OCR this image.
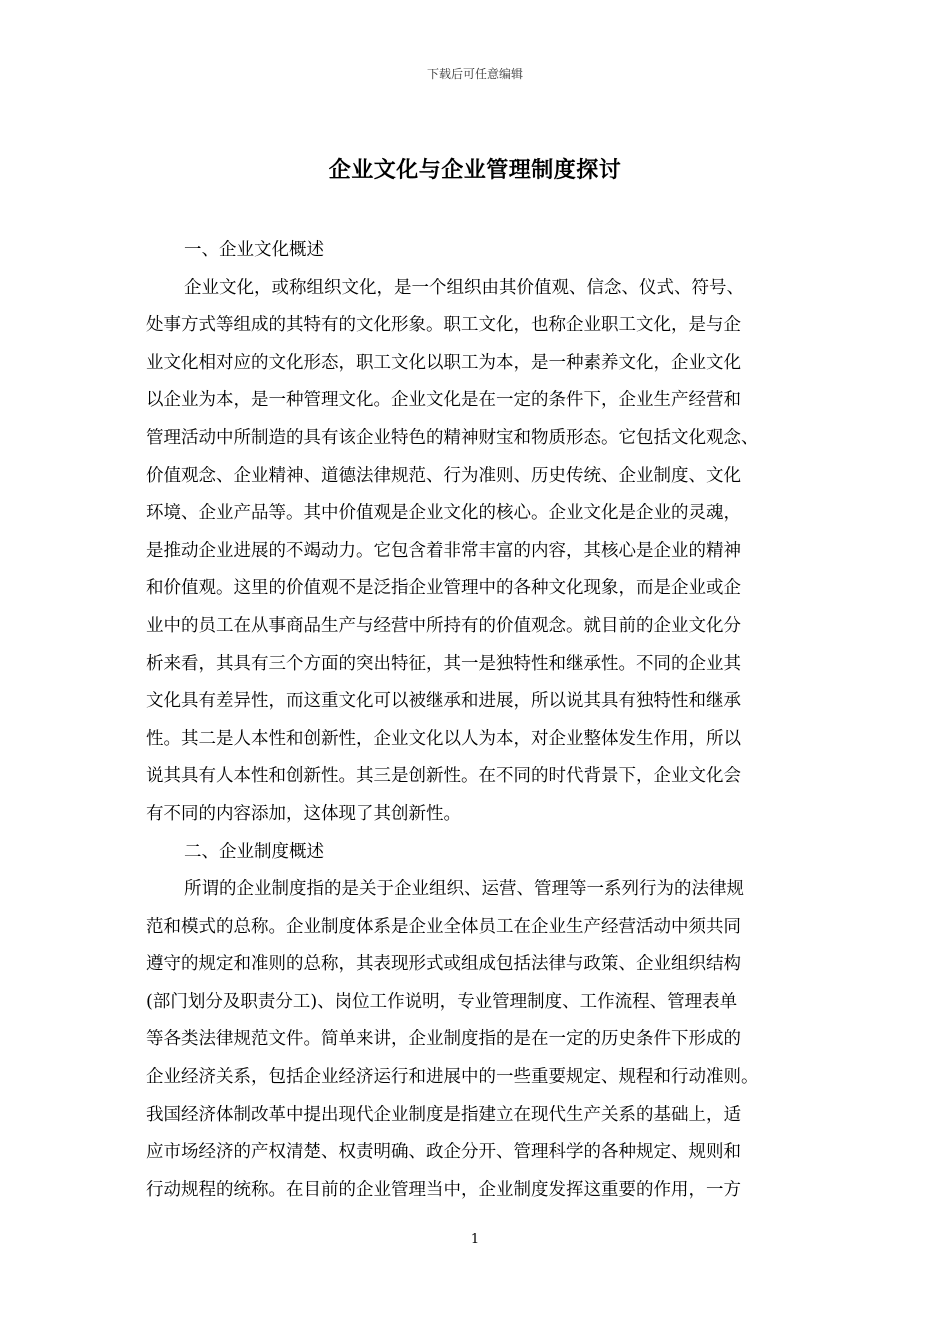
下载后可任意编辑
企业文化与企业管理制度探讨
一、企业文化概述
企业文化，或称组织文化，是一个组织由其价值观、信念、仪式、符号、
处事方式等组成的其特有的文化形象。职工文化，也称企业职工文化，是与企
业文化相对应的文化形态，职工文化以职工为本，是一种素养文化，企业文化
以企业为本，是一种管理文化。企业文化是在一定的条件下，企业生产经营和
管理活动中所制造的具有该企业特色的精神财宝和物质形态。它包括文化观念、
价值观念、企业精神、道德法律规范、行为准则、历史传统、企业制度、文化
环境、企业产品等。其中价值观是企业文化的核心。企业文化是企业的灵魂，
是推动企业进展的不竭动力。它包含着非常丰富的内容，其核心是企业的精神
和价值观。这里的价值观不是泛指企业管理中的各种文化现象，而是企业或企
业中的员工在从事商品生产与经营中所持有的价值观念。就目前的企业文化分
析来看，其具有三个方面的突出特征，其一是独特性和继承性。不同的企业其
文化具有差异性，而这重文化可以被继承和进展，所以说其具有独特性和继承
性。其二是人本性和创新性，企业文化以人为本，对企业整体发生作用，所以
说其具有人本性和创新性。其三是创新性。在不同的时代背景下，企业文化会
有不同的内容添加，这体现了其创新性。
二、企业制度概述
所谓的企业制度指的是关于企业组织、运营、管理等一系列行为的法律规
范和模式的总称。企业制度体系是企业全体员工在企业生产经营活动中须共同
遵守的规定和准则的总称，其表现形式或组成包括法律与政策、企业组织结构
(部门划分及职责分工)、岗位工作说明，专业管理制度、工作流程、管理表单
等各类法律规范文件。简单来讲，企业制度指的是在一定的历史条件下形成的
企业经济关系，包括企业经济运行和进展中的一些重要规定、规程和行动准则。
我国经济体制改革中提出现代企业制度是指建立在现代生产关系的基础上，适
应市场经济的产权清楚、权责明确、政企分开、管理科学的各种规定、规则和
行动规程的统称。在目前的企业管理当中，企业制度发挥这重要的作用，一方
1
